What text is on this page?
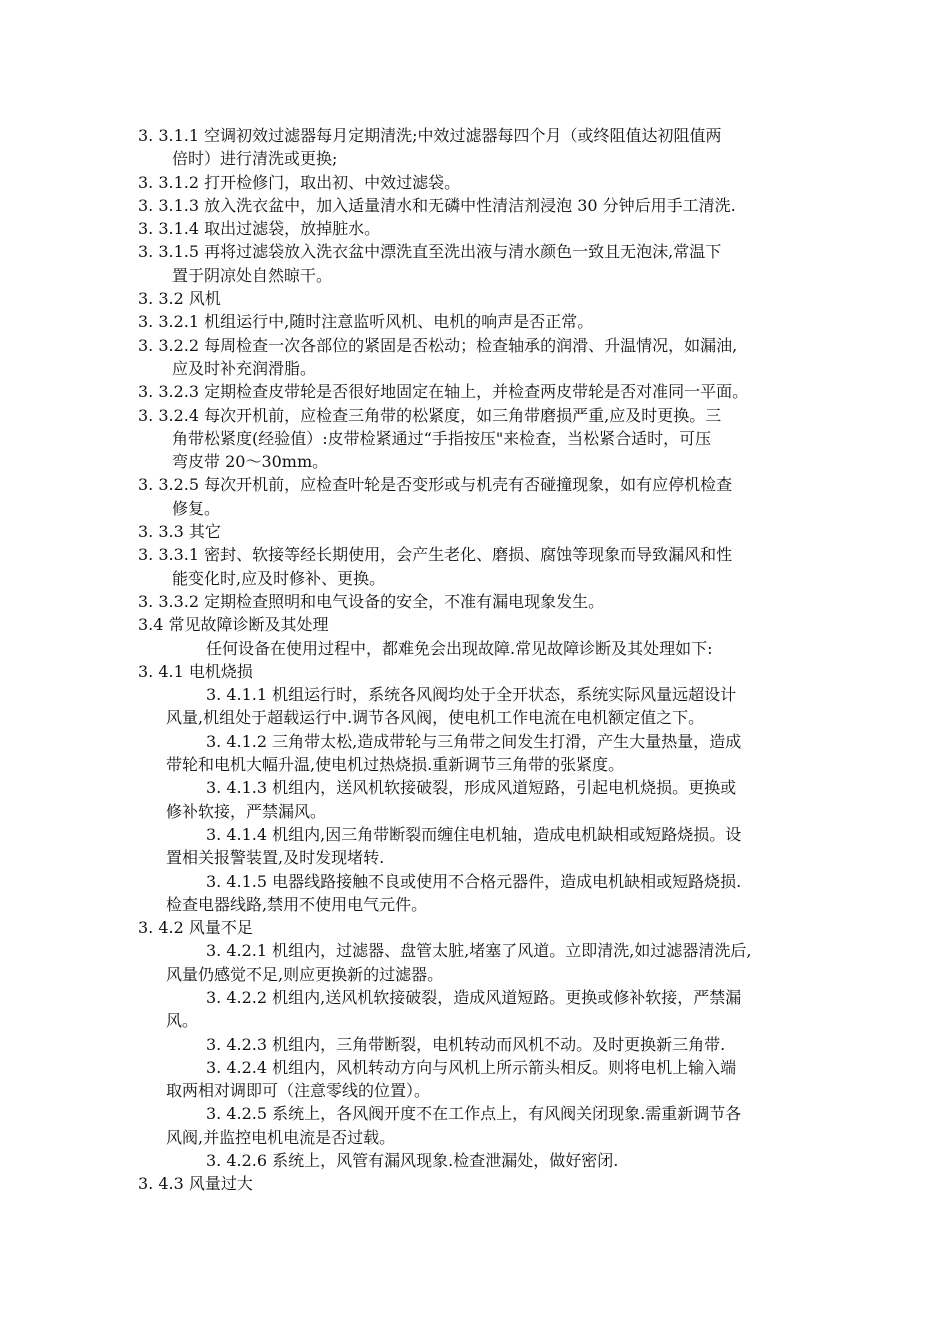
3. 3.1.1 空调初效过滤器每月定期清洗;中效过滤器每四个月（或终阻值达初阻值两
倍时）进行清洗或更换;
3. 3.1.2 打开检修门，取出初、中效过滤袋。
3. 3.1.3 放入洗衣盆中，加入适量清水和无磷中性清洁剂浸泡 30 分钟后用手工清洗.
3. 3.1.4 取出过滤袋，放掉脏水。
3. 3.1.5 再将过滤袋放入洗衣盆中漂洗直至洗出液与清水颜色一致且无泡沫,常温下
置于阴凉处自然晾干。
3. 3.2 风机
3. 3.2.1 机组运行中,随时注意监听风机、电机的响声是否正常。
3. 3.2.2 每周检查一次各部位的紧固是否松动；检查轴承的润滑、升温情况，如漏油,
应及时补充润滑脂。
3. 3.2.3 定期检查皮带轮是否很好地固定在轴上，并检查两皮带轮是否对准同一平面。
3. 3.2.4 每次开机前，应检查三角带的松紧度，如三角带磨损严重,应及时更换。三
角带松紧度(经验值）:皮带检紧通过“手指按压"来检查，当松紧合适时，可压
弯皮带 20～30mm。
3. 3.2.5 每次开机前，应检查叶轮是否变形或与机壳有否碰撞现象，如有应停机检查
修复。
3. 3.3 其它
3. 3.3.1 密封、软接等经长期使用，会产生老化、磨损、腐蚀等现象而导致漏风和性
能变化时,应及时修补、更换。
3. 3.3.2 定期检查照明和电气设备的安全，不准有漏电现象发生。
3.4 常见故障诊断及其处理
任何设备在使用过程中，都难免会出现故障.常见故障诊断及其处理如下:
3. 4.1 电机烧损
3. 4.1.1 机组运行时，系统各风阀均处于全开状态，系统实际风量远超设计
风量,机组处于超载运行中.调节各风阀，使电机工作电流在电机额定值之下。
3. 4.1.2 三角带太松,造成带轮与三角带之间发生打滑，产生大量热量，造成
带轮和电机大幅升温,使电机过热烧损.重新调节三角带的张紧度。
3. 4.1.3 机组内，送风机软接破裂，形成风道短路，引起电机烧损。更换或
修补软接，严禁漏风。
3. 4.1.4 机组内,因三角带断裂而缠住电机轴，造成电机缺相或短路烧损。设
置相关报警装置,及时发现堵转.
3. 4.1.5 电器线路接触不良或使用不合格元器件，造成电机缺相或短路烧损.
检查电器线路,禁用不使用电气元件。
3. 4.2 风量不足
3. 4.2.1 机组内，过滤器、盘管太脏,堵塞了风道。立即清洗,如过滤器清洗后,
风量仍感觉不足,则应更换新的过滤器。
3. 4.2.2 机组内,送风机软接破裂，造成风道短路。更换或修补软接，严禁漏
风。
3. 4.2.3 机组内，三角带断裂，电机转动而风机不动。及时更换新三角带.
3. 4.2.4 机组内，风机转动方向与风机上所示箭头相反。则将电机上输入端
取两相对调即可（注意零线的位置）。
3. 4.2.5 系统上，各风阀开度不在工作点上，有风阀关闭现象.需重新调节各
风阀,并监控电机电流是否过载。
3. 4.2.6 系统上，风管有漏风现象.检查泄漏处，做好密闭.
3. 4.3 风量过大
